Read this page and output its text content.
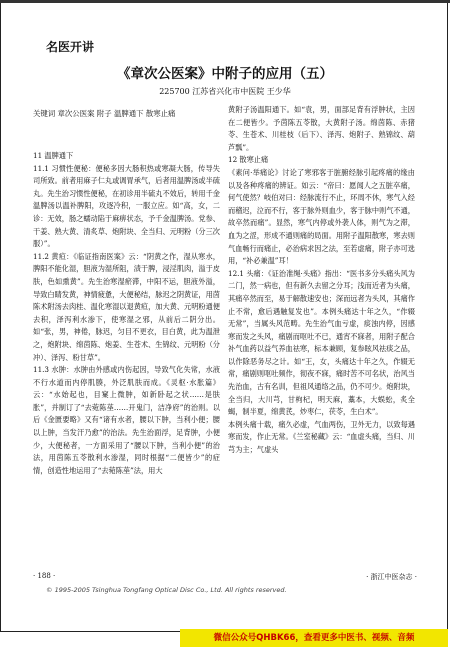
名医开讲
《章次公医案》中附子的应用（五）
225700 江苏省兴化市中医院 王少华
关键词 章次公医案 附子 温脾通下 散寒止痛
11 温脾通下
11.1 习惯性便秘：便秘多因大肠积热或寒凝大肠，传导失司所致。前者用麻子仁丸或调胃承气，后者用温脾汤或半硫丸。先生治习惯性便秘，在初诊用半硫丸不效后，转用千金温脾汤以温补脾阳，攻逐冷积，一服立应。如“高，女，二诊：无效，肠之蠕动陷于麻痹状态，予千金温脾汤。党参、干姜、熟大黄、清炙草、炮附块、全当归、元明粉（分三次服）”。
11.2 黄疸：《临证指南医案》云：“阴黄之作，湿从寒水，脾阳不能化湿，胆液为湿所阻，渍于脾，浸淫肌肉，溢于皮肤，色如熏黄”。先生治寒湿瘀滞，中阳不运，胆液外溢，导致白睛发黄，神情疲惫，大便秘结，脉迟之阴黄证，用茵陈术附汤去肉桂、温化寒湿以退黄疸，加大黄、元明粉通便去积，泽泻利水渗下，使寒湿之邪，从前后二阴分出。如“张，男，神倦，脉迟，匀目不更衣，目白黄，此为温泄之，炮附块、绵茵陈、炮姜、生苍术、生锦纹、元明粉（分冲）、泽泻、粉甘草”。
11.3 水肿：水肿由外感或内伤起因，导致气化失常，水液不行水道而内停肌腠，外泛肌肤而成。《灵枢·水胀篇》云：“水始起也，目窠上微肿，如新卧起之状……是肤胀”，并制订了“去菀陈莝……开鬼门，洁净府”的治则。以后《金匮要略》又有“诸有水者，腰以下肿，当利小便；腰以上肿，当发汗乃愈”的治法。先生治面浮，足背肿，小便少，大便秘者，一方面采用了“腰以下肿，当利小便”的治法，用茵陈五苓散利水渗湿，同时根据“二便皆少”的症情，创造性地运用了“去菀陈莝”法，用大
黄附子汤温阳通下。如“袁，男，面部足背有浮肿状，主因在二便皆少。予茵陈五苓散，大黄附子汤。绵茵陈、赤猪苓、生苍术、川桂枝（后下）、泽泻、炮附子、熟锦纹、葫芦瓢”。
12 散寒止痛
《素问·举痛论》讨论了寒邪客于脏腑经脉引起疼痛的缘由以及各种疼痛的辨证。如云：“帝曰：愿闻人之五脏卒痛，何气使然？岐伯对曰：经脉流行不止，环周不休，寒气入经而稽迟，泣而不行，客于脉外则血少，客于脉中则气不通，故卒然而痛”。显然，寒气内停或外袭人体，则气为之滞，血为之涩，形成不通则痛的局面。用附子温阳散寒，寒去则气血畅行而痛止，必治病求因之法，至若虚痛，附子亦可选用，“补必兼温”耳！
12.1 头痛：《证治准绳·头痛》指出：“医书多分头痛头风为二门，然一病也，但有新久去留之分耳；浅而近者为头痛，其痛卒然而至，易于解散速安也；深而远者为头风，其痛作止不常，愈后遇触复发也”。本例头痛达十年之久，“作辍无常”，当属头风范畴。先生治气血亏虚，痰浊内停，因感寒而发之头风，痛剧而呕吐不已，通宵不寐者，用附子配合补气血药以益气养血祛寒，标本兼顾，复参眩风祛痰之品，以作除恶务尽之计。如“王，女，头痛达十年之久，作辍无常，痛剧则呕吐频作，彻夜不寐，痛时苦不可名状，治风当先治血，古有名训，但祖风通络之品，仍不可少。炮附块，全当归，大川芎，甘枸杞，明天麻，藁本，大蜈蚣，炙全蝎，制半夏，绵黄芪，炒枣仁，茯苓，生白术”。
本例头痛十载，痛久必虚，气血两伤，卫外无力，以致每遇寒而发，作止无常。《兰室秘藏》云：“血虚头痛，当归、川芎为主；气虚头
· 188 ·	· 浙江中医杂志 ·
© 1995-2005 Tsinghua Tongfang Optical Disc Co., Ltd. All rights reserved.
微信公众号QHBK66，查看更多中医书、视频、音频
